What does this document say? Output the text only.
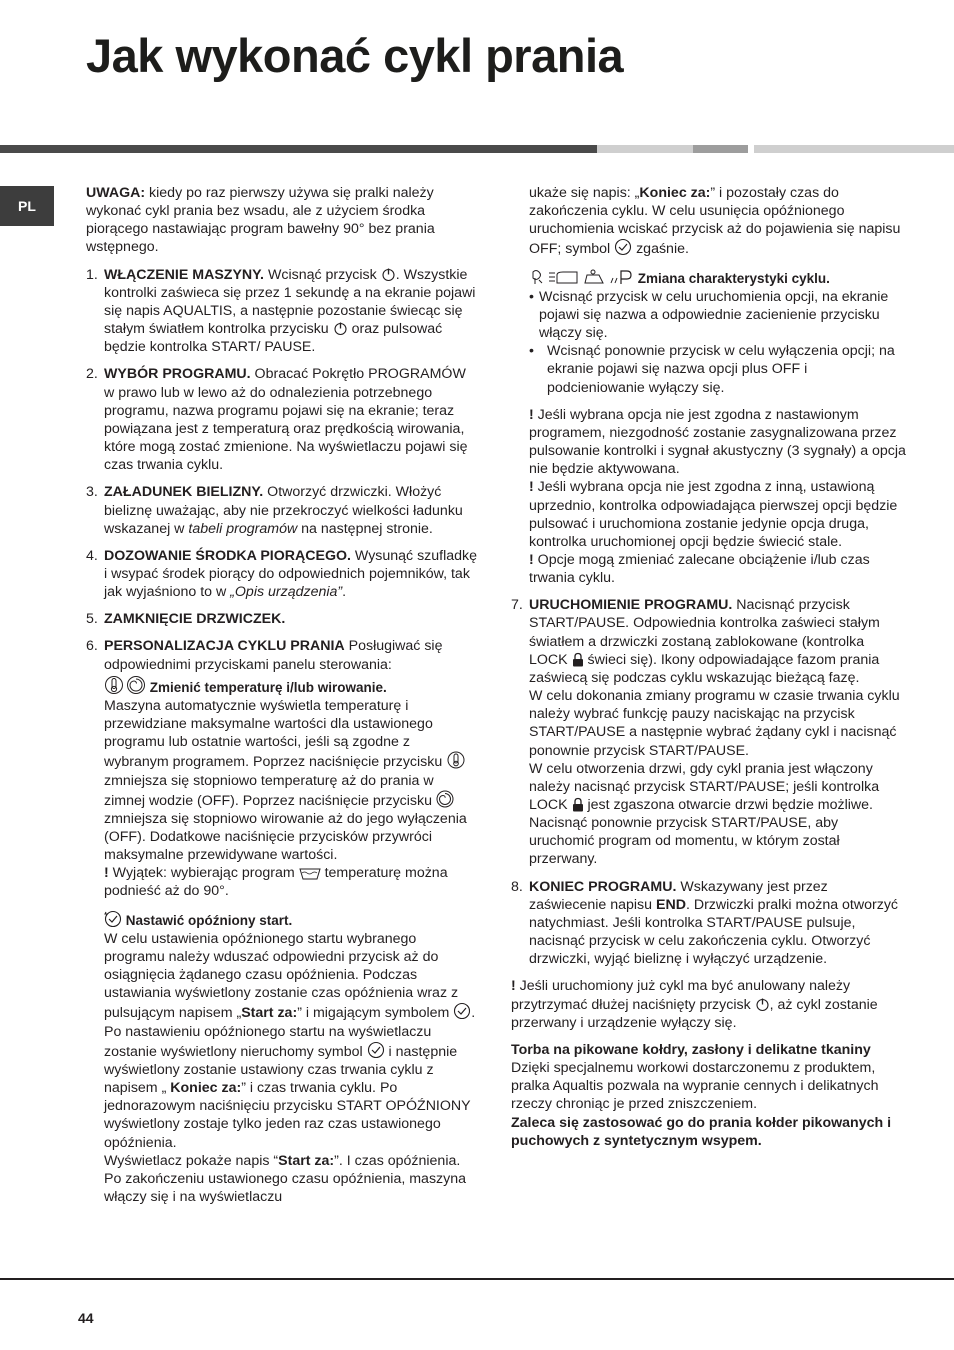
Jak wykonać cykl prania
PL

UWAGA: kiedy po raz pierwszy używa się pralki należy wykonać cykl prania bez wsadu, ale z użyciem środka piorącego nastawiając program bawełny 90° bez prania wstępnego.

1. WŁĄCZENIE MASZYNY. Wcisnąć przycisk
. Wszystkie kontrolki zaświeca się przez 1 sekundę a na ekranie pojawi się napis AQUALTIS, a następnie pozostanie świecąc się stałym światłem kontrolka przycisku
oraz pulsować będzie kontrolka START/ PAUSE.

2. WYBÓR PROGRAMU. Obracać Pokrętło PROGRAMÓW w prawo lub w lewo aż do odnalezienia potrzebnego programu, nazwa programu pojawi się na ekranie; teraz powiązana jest z temperaturą oraz prędkością wirowania, które mogą zostać zmienione. Na wyświetlaczu pojawi się czas trwania cyklu.

3. ZAŁADUNEK BIELIZNY. Otworzyć drzwiczki. Włożyć bieliznę uważając, aby nie przekroczyć wielkości ładunku wskazanej w tabeli programów na następnej stronie.

4. DOZOWANIE ŚRODKA PIORĄCEGO. Wysunąć szufladkę i wsypać środek piorący do odpowiednich pojemników, tak jak wyjaśniono to w „Opis urządzenia”.

5. ZAMKNIĘCIE DRZWICZEK.

6. PERSONALIZACJA CYKLU PRANIA Posługiwać się odpowiednimi przyciskami panelu sterowania:

Zmienić temperaturę i/lub wirowanie.

Maszyna automatycznie wyświetla temperaturę i przewidziane maksymalne wartości dla ustawionego programu lub ostatnie wartości, jeśli są zgodne z wybranym programem. Poprzez naciśnięcie przycisku
zmniejsza się stopniowo temperaturę aż do prania w zimnej wodzie (OFF). Poprzez naciśnięcie przycisku
zmniejsza się stopniowo wirowanie aż do jego wyłączenia (OFF). Dodatkowe naciśnięcie przycisków przywróci maksymalne przewidywane wartości.

! Wyjątek: wybierając program
temperaturę można podnieść aż do 90°.

Nastawić opóźniony start.

W celu ustawienia opóźnionego startu wybranego programu należy wduszać odpowiedni przycisk aż do osiągnięcia żądanego czasu opóźnienia. Podczas ustawiania wyświetlony zostanie czas opóźnienia wraz z pulsującym napisem „Start za:” i migającym symbolem
. Po nastawieniu opóźnionego startu na wyświetlaczu zostanie wyświetlony nieruchomy symbol
i następnie wyświetlony zostanie ustawiony czas trwania cyklu z napisem „ Koniec za:” i czas trwania cyklu. Po jednorazowym naciśnięciu przycisku START OPÓŹNIONY wyświetlony zostaje tylko jeden raz czas ustawionego opóźnienia.

Wyświetlacz pokaże napis “Start za:”. I czas opóźnienia. Po zakończeniu ustawionego czasu opóźnienia, maszyna włączy się i na wyświetlaczu

ukaże się napis: „Koniec za:” i pozostały czas do zakończenia cyklu. W celu usunięcia opóźnionego uruchomienia wciskać przycisk aż do pojawienia się napisu OFF; symbol
zgaśnie.

Zmiana charakterystyki cyklu.

• Wcisnąć przycisk w celu uruchomienia opcji, na ekranie pojawi się nazwa a odpowiednie zacienienie przycisku włączy się.
• Wcisnąć ponownie przycisk w celu wyłączenia opcji; na ekranie pojawi się nazwa opcji plus OFF i podcieniowanie wyłączy się.

! Jeśli wybrana opcja nie jest zgodna z nastawionym programem, niezgodność zostanie zasygnalizowana przez pulsowanie kontrolki i sygnał akustyczny (3 sygnały) a opcja nie będzie aktywowana.

! Jeśli wybrana opcja nie jest zgodna z inną, ustawioną uprzednio, kontrolka odpowiadająca pierwszej opcji będzie pulsować i uruchomiona zostanie jedynie opcja druga, kontrolka uruchomionej opcji będzie świecić stale.

! Opcje mogą zmieniać zalecane obciążenie i/lub czas trwania cyklu.

7. URUCHOMIENIE PROGRAMU. Nacisnąć przycisk START/PAUSE. Odpowiednia kontrolka zaświeci stałym światłem a drzwiczki zostaną zablokowane (kontrolka LOCK
świeci się). Ikony odpowiadające fazom prania zaświecą się podczas cyklu wskazując bieżącą fazę.

W celu dokonania zmiany programu w czasie trwania cyklu należy wybrać funkcję pauzy naciskając na przycisk START/PAUSE a następnie wybrać żądany cykl i nacisnąć ponownie przycisk START/PAUSE.

W celu otworzenia drzwi, gdy cykl prania jest włączony należy nacisnąć przycisk START/PAUSE; jeśli kontrolka LOCK
jest zgaszona otwarcie drzwi będzie możliwe. Nacisnąć ponownie przycisk START/PAUSE, aby uruchomić program od momentu, w którym został przerwany.

8. KONIEC PROGRAMU. Wskazywany jest przez zaświecenie napisu END. Drzwiczki pralki można otworzyć natychmiast. Jeśli kontrolka START/PAUSE pulsuje, nacisnąć przycisk w celu zakończenia cyklu. Otworzyć drzwiczki, wyjąć bieliznę i wyłączyć urządzenie.

! Jeśli uruchomiony już cykl ma być anulowany należy przytrzymać dłużej naciśnięty przycisk
, aż cykl zostanie przerwany i urządzenie wyłączy się.

Torba na pikowane kołdry, zasłony i delikatne tkaniny

Dzięki specjalnemu workowi dostarczonemu z produktem, pralka Aqualtis pozwala na wypranie cennych i delikatnych rzeczy chroniąc je przed zniszczeniem.

Zaleca się zastosować go do prania kołder pikowanych i puchowych z syntetycznym wsypem.

44
